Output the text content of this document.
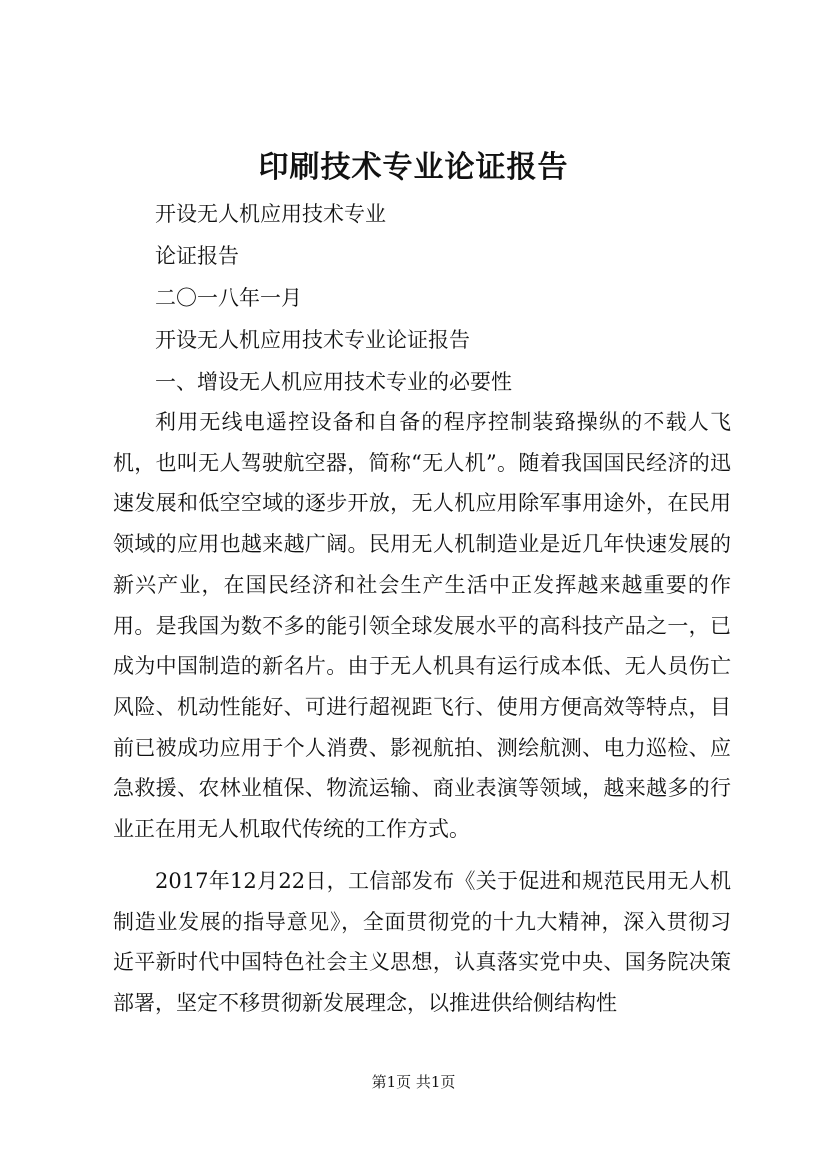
印刷技术专业论证报告

开设无人机应用技术专业

论证报告

二〇一八年一月

开设无人机应用技术专业论证报告

一、增设无人机应用技术专业的必要性

利用无线电遥控设备和自备的程序控制装臵操纵的不载人飞机，也叫无人驾驶航空器，简称“无人机”。随着我国国民经济的迅速发展和低空空域的逐步开放，无人机应用除军事用途外，在民用领域的应用也越来越广阔。民用无人机制造业是近几年快速发展的新兴产业，在国民经济和社会生产生活中正发挥越来越重要的作用。是我国为数不多的能引领全球发展水平的高科技产品之一，已成为中国制造的新名片。由于无人机具有运行成本低、无人员伤亡风险、机动性能好、可进行超视距飞行、使用方便高效等特点，目前已被成功应用于个人消费、影视航拍、测绘航测、电力巡检、应急救援、农林业植保、物流运输、商业表演等领域，越来越多的行业正在用无人机取代传统的工作方式。

2017年12月22日，工信部发布《关于促进和规范民用无人机制造业发展的指导意见》，全面贯彻党的十九大精神，深入贯彻习近平新时代中国特色社会主义思想，认真落实党中央、国务院决策部署，坚定不移贯彻新发展理念，以推进供给侧结构性

第1页 共1页
